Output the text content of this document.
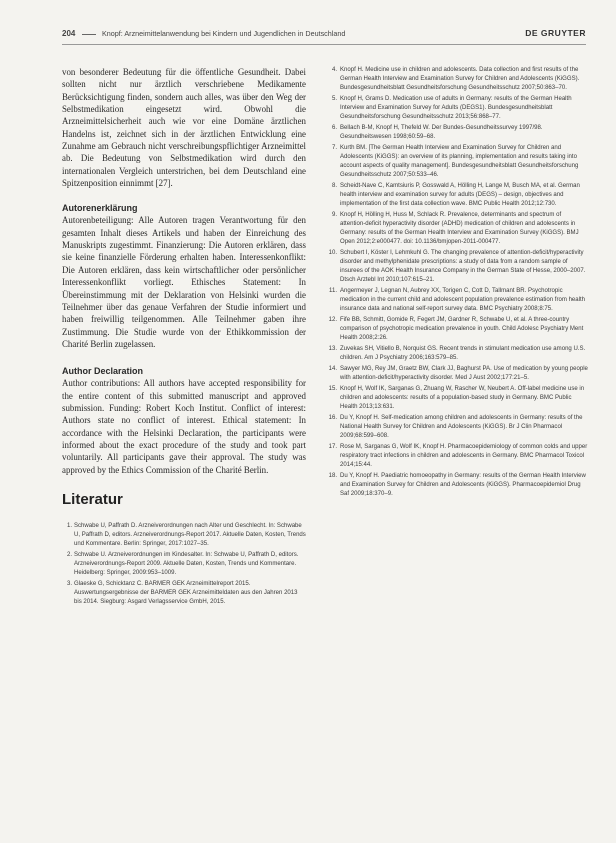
204	Knopf: Arzneimittelanwendung bei Kindern und Jugendlichen in Deutschland	DE GRUYTER

von besonderer Bedeutung für die öffentliche Gesundheit. Dabei sollten nicht nur ärztlich verschriebene Medikamente Berücksichtigung finden, sondern auch alles, was über den Weg der Selbstmedikation eingesetzt wird. Obwohl die Arzneimittelsicherheit auch wie vor eine Domäne ärztlichen Handelns ist, zeichnet sich in der ärztlichen Entwicklung eine Zunahme am Gebrauch nicht verschreibungspflichtiger Arzneimittel ab. Die Bedeutung von Selbstmedikation wird durch den internationalen Vergleich unterstrichen, bei dem Deutschland eine Spitzenposition einnimmt [27].

Autorenerklärung

Autorenbeteiligung: Alle Autoren tragen Verantwortung für den gesamten Inhalt dieses Artikels und haben der Einreichung des Manuskripts zugestimmt. Finanzierung: Die Autoren erklären, dass sie keine finanzielle Förderung erhalten haben. Interessenkonflikt: Die Autoren erklären, dass kein wirtschaftlicher oder persönlicher Interessenkonflikt vorliegt. Ethisches Statement: In Übereinstimmung mit der Deklaration von Helsinki wurden die Teilnehmer über das genaue Verfahren der Studie informiert und haben freiwillig teilgenommen. Alle Teilnehmer gaben ihre Zustimmung. Die Studie wurde von der Ethikkommission der Charité Berlin zugelassen.

Author Declaration

Author contributions: All authors have accepted responsibility for the entire content of this submitted manuscript and approved submission. Funding: Robert Koch Institut. Conflict of interest: Authors state no conflict of interest. Ethical statement: In accordance with the Helsinki Declaration, the participants were informed about the exact procedure of the study and took part voluntarily. All participants gave their approval. The study was approved by the Ethics Commission of the Charité Berlin.

Literatur

1 . Schwabe U, Paffrath D. Arzneiverordnungen nach Alter und Geschlecht. In: Schwabe U, Paffrath D, editors. Arzneiverordnungs-Report 2017. Aktuelle Daten, Kosten, Trends und Kommentare. Berlin: Springer, 2017:1027–35.
2 . Schwabe U. Arzneiverordnungen im Kindesalter. In: Schwabe U, Paffrath D, editors. Arzneiverordnungs-Report 2009. Aktuelle Daten, Kosten, Trends und Kommentare. Heidelberg: Springer, 2009:953–1009.
3 . Glaeske G, Schicktanz C. BARMER GEK Arzneimittelreport 2015. Auswertungsergebnisse der BARMER GEK Arzneimitteldaten aus den Jahren 2013 bis 2014. Siegburg: Asgard Verlagsservice GmbH, 2015.
4 . Knopf H. Medicine use in children and adolescents. Data collection and first results of the German Health Interview and Examination Survey for Children and Adolescents (KiGGS). Bundesgesundheitsblatt Gesundheitsforschung Gesundheitsschutz 2007;50:863–70.
5 . Knopf H, Grams D. Medication use of adults in Germany: results of the German Health Interview and Examination Survey for Adults (DEGS1). Bundesgesundheitsblatt Gesundheitsforschung Gesundheitsschutz 2013;56:868–77.
6 . Bellach B-M, Knopf H, Thefeld W. Der Bundes-Gesundheitssurvey 1997/98. Gesundheitswesen 1998;60:59–68.
7 . Kurth BM. [The German Health Interview and Examination Survey for Children and Adolescents (KiGGS): an overview of its planning, implementation and results taking into account aspects of quality management]. Bundesgesundheitsblatt Gesundheitsforschung Gesundheitsschutz 2007;50:533–46.
8 . Scheidt-Nave C, Kamtsiuris P, Gosswald A, Hölling H, Lange M, Busch MA, et al. German health interview and examination survey for adults (DEGS) – design, objectives and implementation of the first data collection wave. BMC Public Health 2012;12:730.
9 . Knopf H, Hölling H, Huss M, Schlack R. Prevalence, determinants and spectrum of attention-deficit hyperactivity disorder (ADHD) medication of children and adolescents in Germany: results of the German Health Interview and Examination Survey (KiGGS). BMJ Open 2012;2:e000477. doi: 10.1136/bmjopen-2011-000477.
10 . Schubert I, Köster I, Lehmkuhl G. The changing prevalence of attention-deficit/hyperactivity disorder and methylphenidate prescriptions: a study of data from a random sample of insurees of the AOK Health Insurance Company in the German State of Hesse, 2000–2007. Dtsch Arztebl Int 2010;107:615–21.
11 . Angermeyer J, Legnan N, Aubrey XX, Torigen C, Cott D, Tallmant BR. Psychotropic medication in the current child and adolescent population prevalence estimation from health insurance data and national self-report survey data. BMC Psychiatry 2008;8:75.
12 . Fife BB, Schmitt, Gomide R, Fegert JM, Gardner R, Schwabe U, et al. A three-country comparison of psychotropic medication prevalence in youth. Child Adolesc Psychiatry Ment Health 2008;2:26.
13 . Zuvekas SH, Vitiello B, Norquist GS. Recent trends in stimulant medication use among U.S. children. Am J Psychiatry 2006;163:579–85.
14 . Sawyer MG, Rey JM, Graetz BW, Clark JJ, Baghurst PA. Use of medication by young people with attention-deficit/hyperactivity disorder. Med J Aust 2002;177:21–5.
15 . Knopf H, Wolf IK, Sarganas G, Zhuang W, Rascher W, Neubert A. Off-label medicine use in children and adolescents: results of a population-based study in Germany. BMC Public Health 2013;13:631.
16 . Du Y, Knopf H. Self-medication among children and adolescents in Germany: results of the National Health Survey for Children and Adolescents (KiGGS). Br J Clin Pharmacol 2009;68:599–608.
17 . Rose M, Sarganas G, Wolf IK, Knopf H. Pharmacoepidemiology of common colds and upper respiratory tract infections in children and adolescents in Germany. BMC Pharmacol Toxicol 2014;15:44.
18 . Du Y, Knopf H. Paediatric homoeopathy in Germany: results of the German Health Interview and Examination Survey for Children and Adolescents (KiGGS). Pharmacoepidemiol Drug Saf 2009;18:370–9.
